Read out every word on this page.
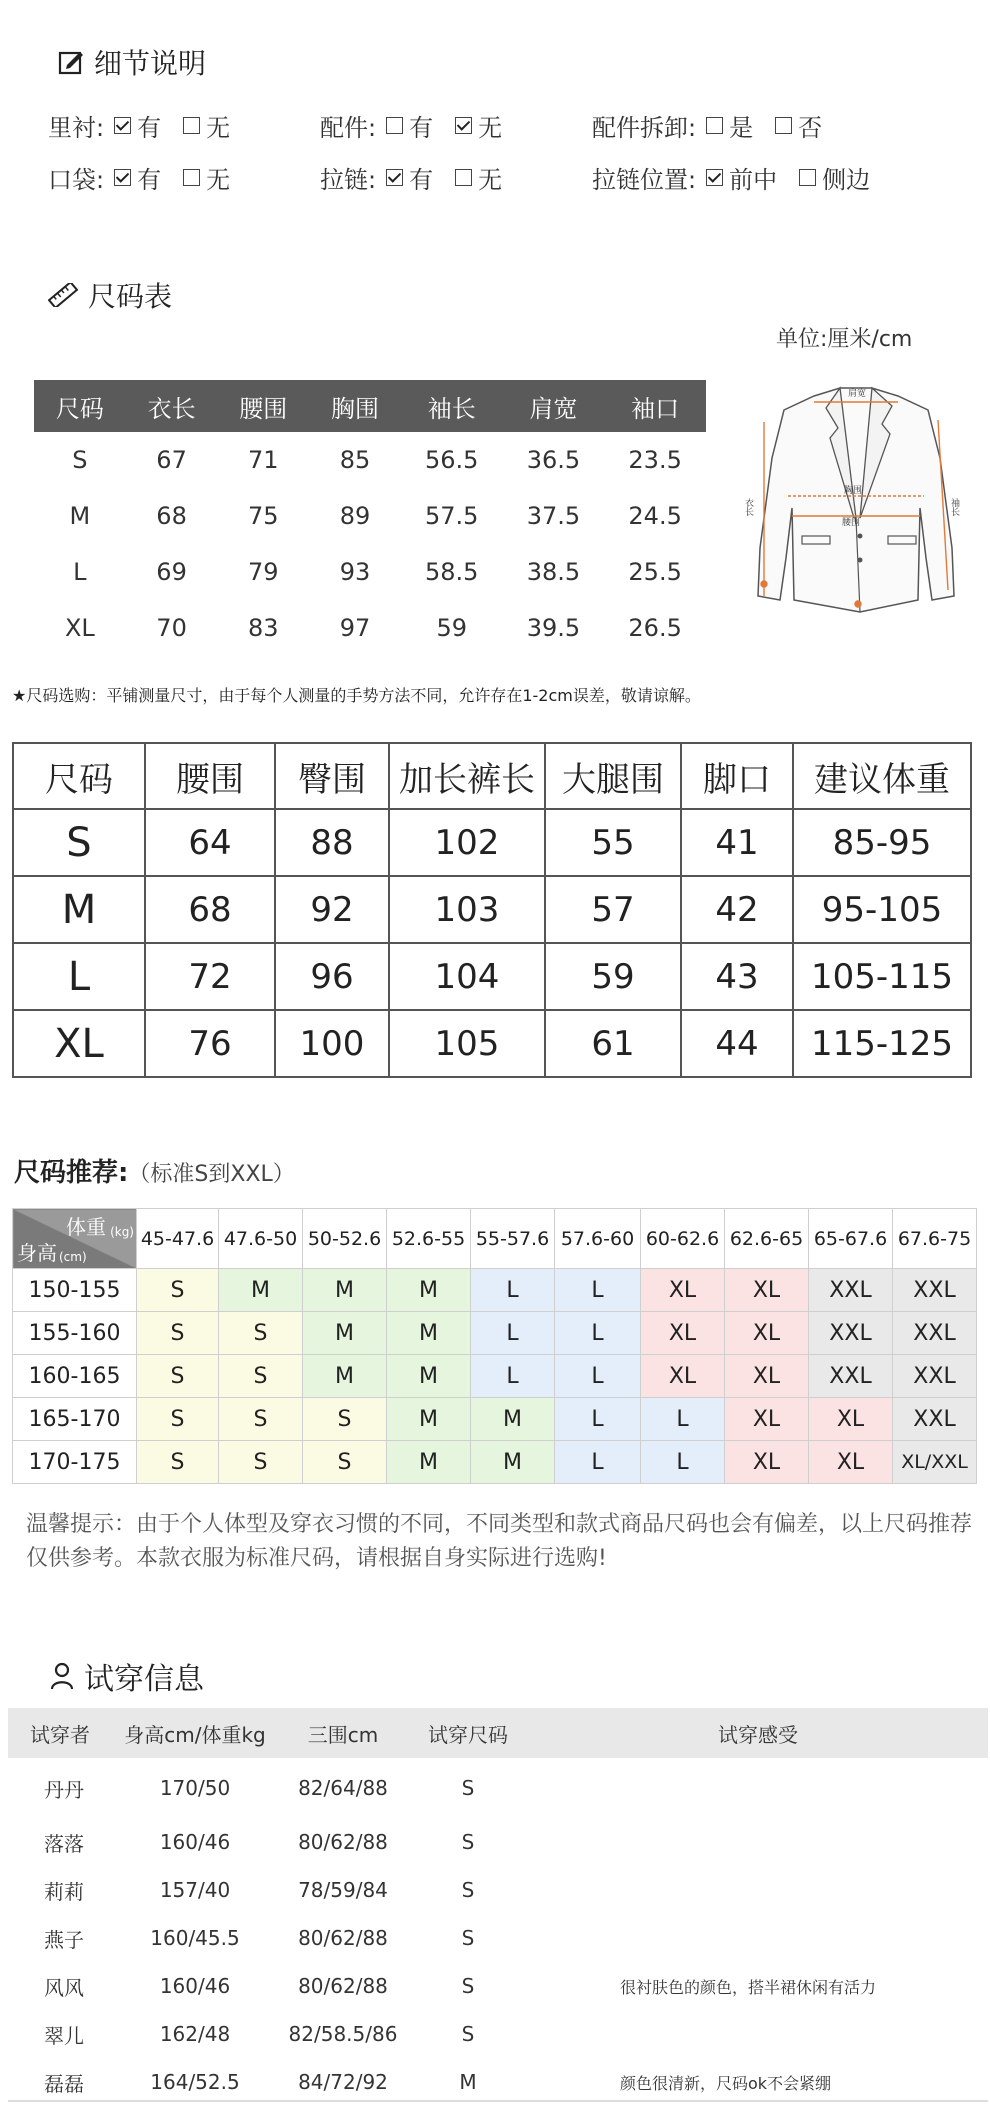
细节说明
里衬: 有 无	配件: 有 无	配件拆卸: 是 否
口袋: 有 无	拉链: 有 无	拉链位置: 前中 侧边
尺码表
单位:厘米/cm
尺码	衣长	腰围	胸围	袖长	肩宽	袖口
S	67	71	85	56.5	36.5	23.5
M	68	75	89	57.5	37.5	24.5
L	69	79	93	58.5	38.5	25.5
XL	70	83	97	59	39.5	26.5
肩宽
胸围
腰围
衣长	袖长
★尺码选购：平铺测量尺寸，由于每个人测量的手势方法不同，允许存在1-2cm误差，敬请谅解。
尺码	腰围	臀围	加长裤长	大腿围	脚口	建议体重
S	64	88	102	55	41	85-95
M	68	92	103	57	42	95-105
L	72	96	104	59	43	105-115
XL	76	100	105	61	44	115-125
尺码推荐:（标准S到XXL）
体重 (kg)
身高 (cm)	45-47.6	47.6-50	50-52.6	52.6-55	55-57.6	57.6-60	60-62.6	62.6-65	65-67.6	67.6-75
150-155	S	M	M	M	L	L	XL	XL	XXL	XXL
155-160	S	S	M	M	L	L	XL	XL	XXL	XXL
160-165	S	S	M	M	L	L	XL	XL	XXL	XXL
165-170	S	S	S	M	M	L	L	XL	XL	XXL
170-175	S	S	S	M	M	L	L	XL	XL	XL/XXL
温馨提示：由于个人体型及穿衣习惯的不同，不同类型和款式商品尺码也会有偏差，以上尺码推荐仅供参考。本款衣服为标准尺码，请根据自身实际进行选购!
试穿信息
试穿者	身高cm/体重kg	三围cm	试穿尺码	试穿感受
丹丹	170/50	82/64/88	S	
落落	160/46	80/62/88	S	
莉莉	157/40	78/59/84	S	
燕子	160/45.5	80/62/88	S	
风风	160/46	80/62/88	S	很衬肤色的颜色，搭半裙休闲有活力
翠儿	162/48	82/58.5/86	S	
磊磊	164/52.5	84/72/92	M	颜色很清新，尺码ok不会紧绷
